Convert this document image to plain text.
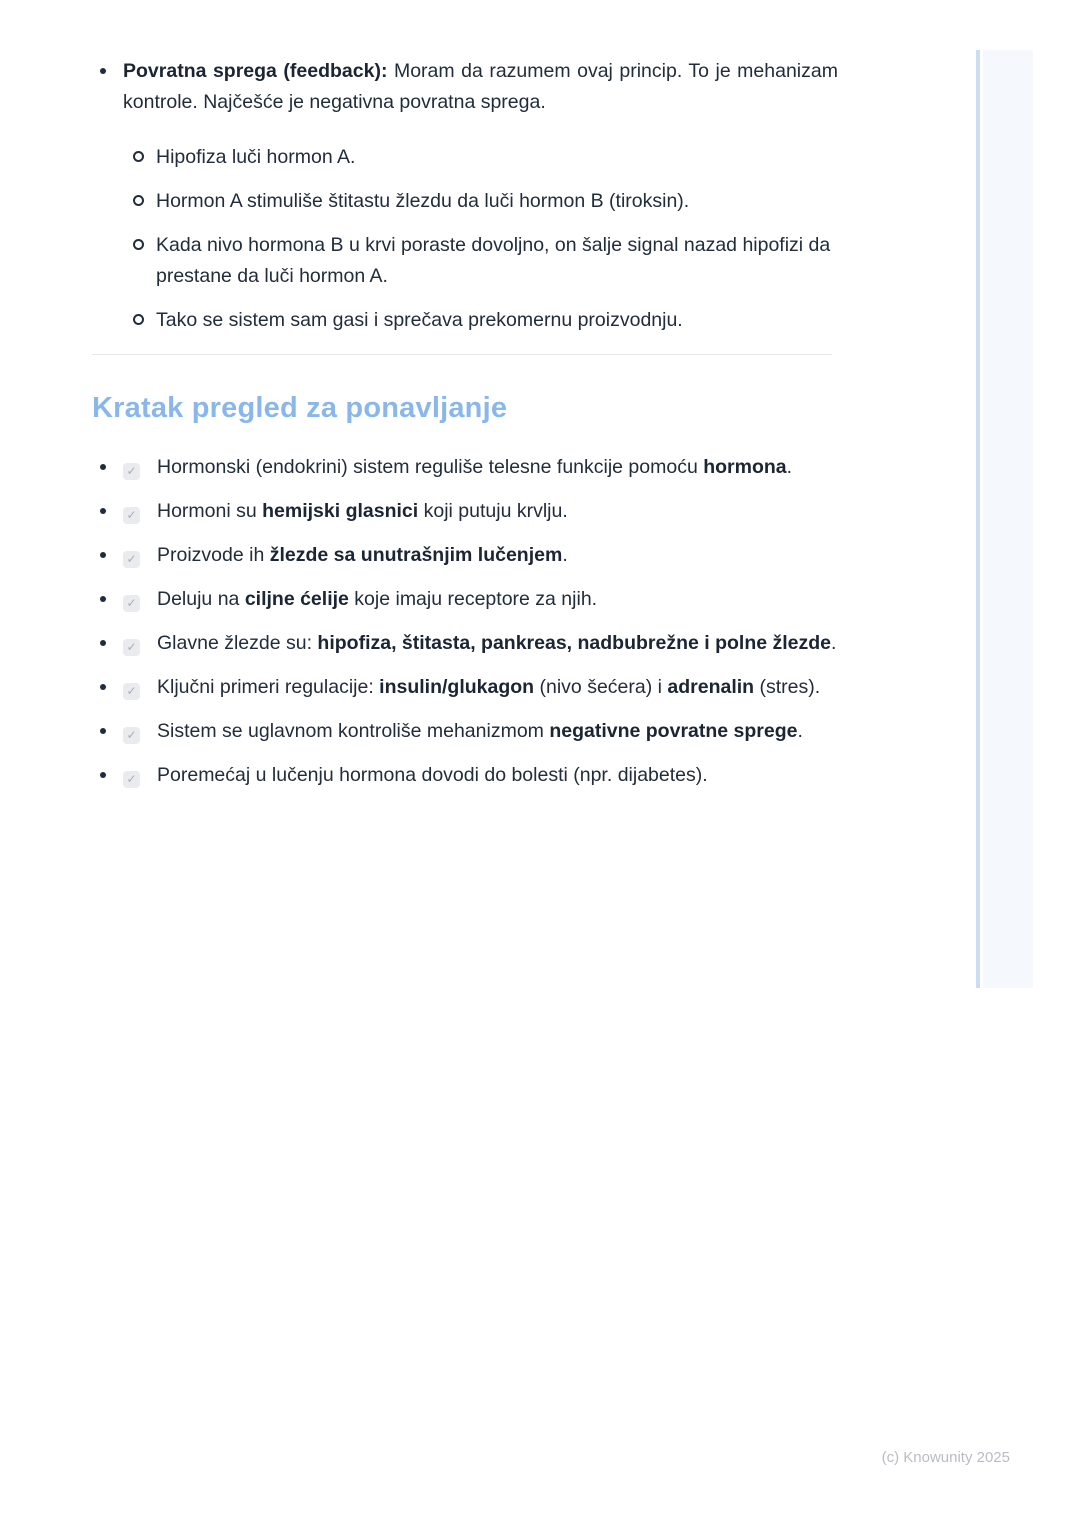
Povratna sprega (feedback): Moram da razumem ovaj princip. To je mehanizam kontrole. Najčešće je negativna povratna sprega.

Hipofiza luči hormon A.
Hormon A stimuliše štitastu žlezdu da luči hormon B (tiroksin).
Kada nivo hormona B u krvi poraste dovoljno, on šalje signal nazad hipofizi da prestane da luči hormon A.
Tako se sistem sam gasi i sprečava prekomernu proizvodnju.
Kratak pregled za ponavljanje
✓ Hormonski (endokrini) sistem reguliše telesne funkcije pomoću hormona.
✓ Hormoni su hemijski glasnici koji putuju krvlju.
✓ Proizvode ih žlezde sa unutrašnjim lučenjem.
✓ Deluju na ciljne ćelije koje imaju receptore za njih.
✓ Glavne žlezde su: hipofiza, štitasta, pankreas, nadbubrežne i polne žlezde.
✓ Ključni primeri regulacije: insulin/glukagon (nivo šećera) i adrenalin (stres).
✓ Sistem se uglavnom kontroliše mehanizmom negativne povratne sprege.
✓ Poremećaj u lučenju hormona dovodi do bolesti (npr. dijabetes).
(c) Knowunity 2025
